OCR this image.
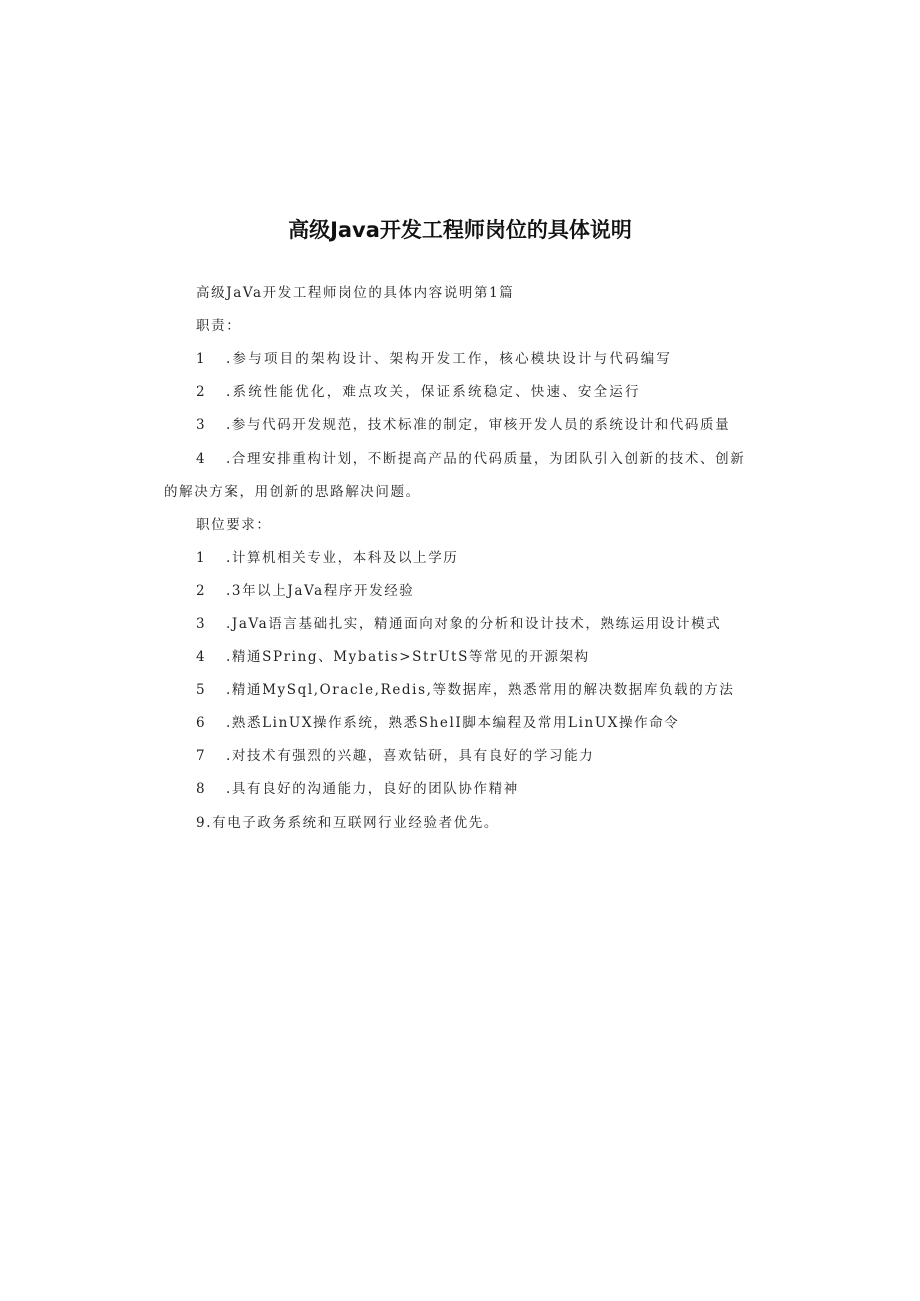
高级Java开发工程师岗位的具体说明
高级JaVa开发工程师岗位的具体内容说明第1篇
职责：
1 .参与项目的架构设计、架构开发工作，核心模块设计与代码编写
2 .系统性能优化，难点攻关，保证系统稳定、快速、安全运行
3 .参与代码开发规范，技术标准的制定，审核开发人员的系统设计和代码质量
4 .合理安排重构计划，不断提高产品的代码质量，为团队引入创新的技术、创新
的解决方案，用创新的思路解决问题。
职位要求：
1 .计算机相关专业，本科及以上学历
2 .3年以上JaVa程序开发经验
3 .JaVa语言基础扎实，精通面向对象的分析和设计技术，熟练运用设计模式
4 .精通SPring、Mybatis>StrUtS等常见的开源架构
5 .精通MySql,Oracle,Redis,等数据库，熟悉常用的解决数据库负载的方法
6 .熟悉LinUX操作系统，熟悉ShelI脚本编程及常用LinUX操作命令
7 .对技术有强烈的兴趣，喜欢钻研，具有良好的学习能力
8 .具有良好的沟通能力，良好的团队协作精神
9.有电子政务系统和互联网行业经验者优先。
